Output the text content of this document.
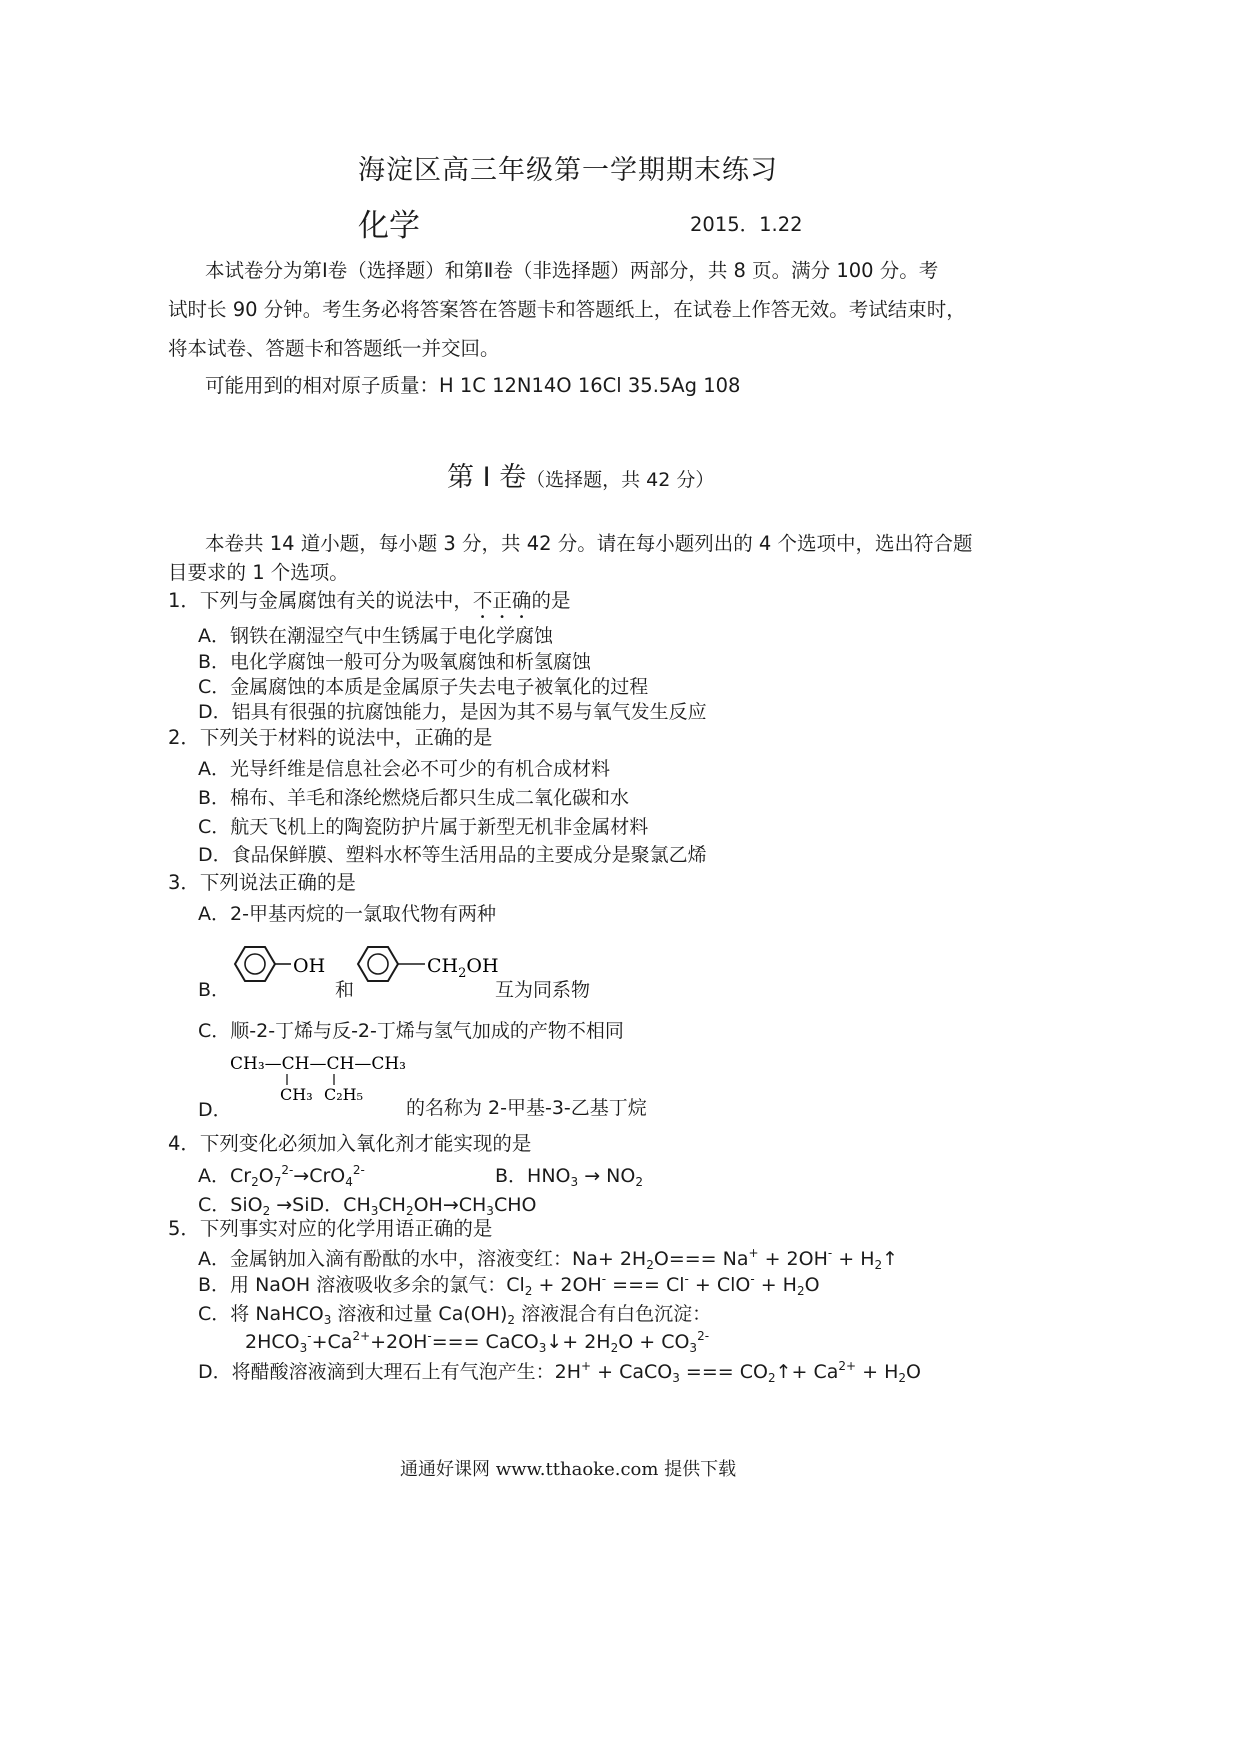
海淀区高三年级第一学期期末练习
化学	2015．1.22
本试卷分为第Ⅰ卷（选择题）和第Ⅱ卷（非选择题）两部分，共 8 页。满分 100 分。考
试时长 90 分钟。考生务必将答案答在答题卡和答题纸上，在试卷上作答无效。考试结束时，
将本试卷、答题卡和答题纸一并交回。
可能用到的相对原子质量：H 1C 12N14O 16Cl 35.5Ag 108
第 I 卷（选择题，共 42 分）
本卷共 14 道小题，每小题 3 分，共 42 分。请在每小题列出的 4 个选项中，选出符合题
目要求的 1 个选项。
1．下列与金属腐蚀有关的说法中，不正确的是
A．钢铁在潮湿空气中生锈属于电化学腐蚀
B．电化学腐蚀一般可分为吸氧腐蚀和析氢腐蚀
C．金属腐蚀的本质是金属原子失去电子被氧化的过程
D．铝具有很强的抗腐蚀能力，是因为其不易与氧气发生反应
2．下列关于材料的说法中，正确的是
A．光导纤维是信息社会必不可少的有机合成材料
B．棉布、羊毛和涤纶燃烧后都只生成二氧化碳和水
C．航天飞机上的陶瓷防护片属于新型无机非金属材料
D．食品保鲜膜、塑料水杯等生活用品的主要成分是聚氯乙烯
3．下列说法正确的是
A．2-甲基丙烷的一氯取代物有两种
B．
OH	$CH_2OH$
和	互为同系物
C．顺-2-丁烯与反-2-丁烯与氢气加成的产物不相同
D．
CH₃—CH—CH—CH₃
CH₃ C₂H₅
的名称为 2-甲基-3-乙基丁烷
4．下列变化必须加入氧化剂才能实现的是
A．$Cr_2O_7^{2-}\to CrO_4^{2-}$	B．$HNO_3 \to NO_2$
C．SiO$_2$ →SiD．$CH_3CH_2OH\to CH_3CHO$
5．下列事实对应的化学用语正确的是
A．金属钠加入滴有酚酞的水中，溶液变红：$Na+ 2H_2O=== Na^+ + 2OH^-$ + $H_2↑$
B．用 NaOH 溶液吸收多余的氯气：$Cl_2 + 2OH^-$ === $Cl^- + ClO^- + H_2O$
C．将 NaHCO$_3$ 溶液和过量 $Ca(OH)_2$ 溶液混合有白色沉淀：
$2HCO_3^-+Ca^{2+}+2OH^-===$ CaCO$_3$↓+ $2H_2O + CO_3^{2-}$
D．将醋酸溶液滴到大理石上有气泡产生：2H+ + CaCO$_3$ === $CO_2↑+ Ca^{2+} + H_2O$
通通好课网 www.tthaoke.com 提供下载
